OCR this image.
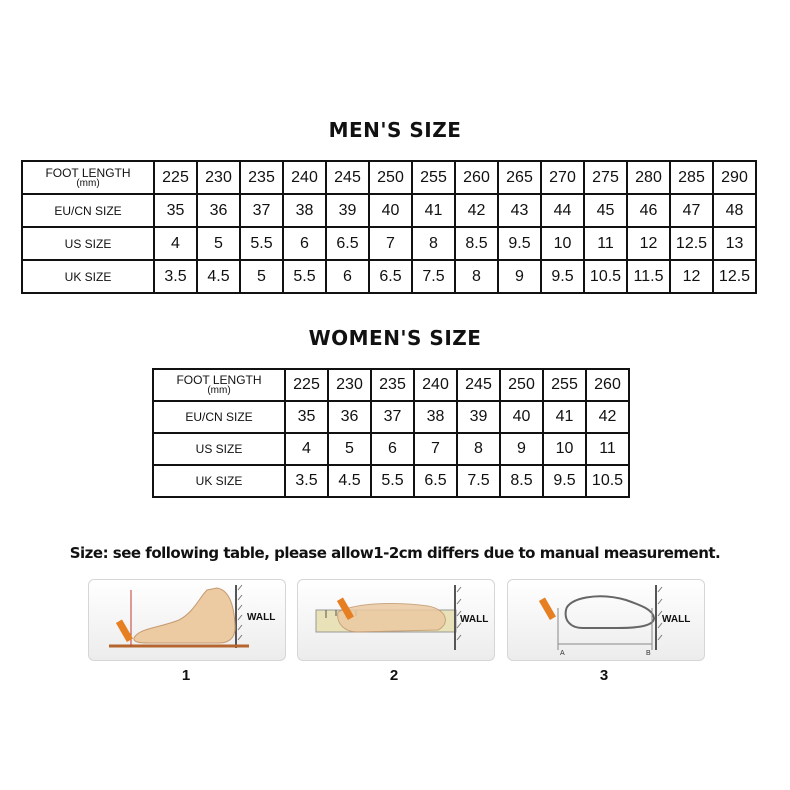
MEN'S SIZE
FOOT LENGTH
(mm)	225	230	235	240	245	250	255	260	265	270	275	280	285	290
EU/CN SIZE	35	36	37	38	39	40	41	42	43	44	45	46	47	48
US SIZE	4	5	5.5	6	6.5	7	8	8.5	9.5	10	11	12	12.5	13
UK SIZE	3.5	4.5	5	5.5	6	6.5	7.5	8	9	9.5	10.5	11.5	12	12.5
WOMEN'S SIZE
FOOT LENGTH
(mm)	225	230	235	240	245	250	255	260
EU/CN SIZE	35	36	37	38	39	40	41	42
US SIZE	4	5	6	7	8	9	10	11
UK SIZE	3.5	4.5	5.5	6.5	7.5	8.5	9.5	10.5
Size: see following table, please allow1-2cm differs due to manual measurement.
WALL
1
WALL
2
A	B
WALL
3
